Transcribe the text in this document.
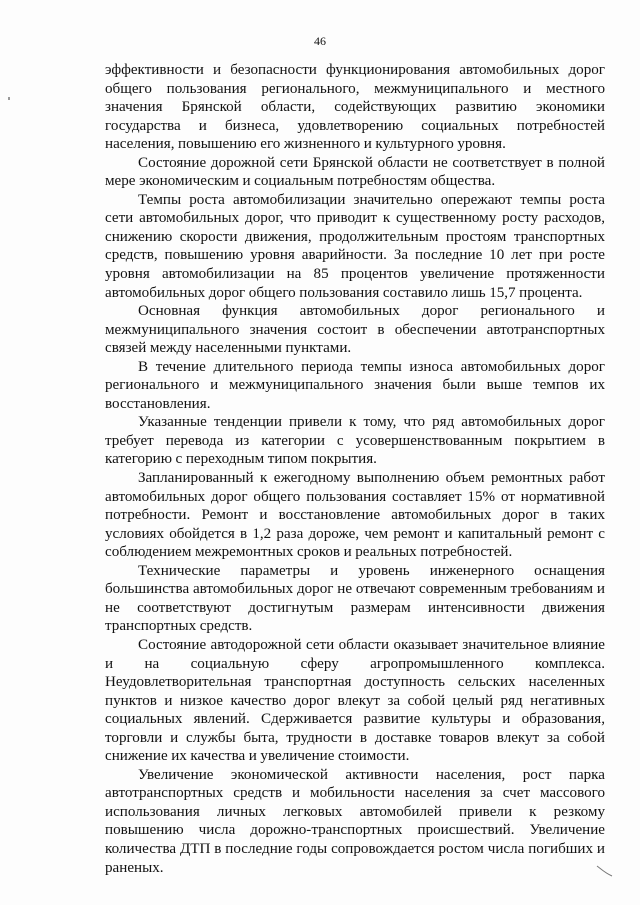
46

эффективности и безопасности функционирования автомобильных дорог общего пользования регионального, межмуниципального и местного значения Брянской области, содействующих развитию экономики государства и бизнеса, удовлетворению социальных потребностей населения, повышению его жизненного и культурного уровня.

Состояние дорожной сети Брянской области не соответствует в полной мере экономическим и социальным потребностям общества.

Темпы роста автомобилизации значительно опережают темпы роста сети автомобильных дорог, что приводит к существенному росту расходов, снижению скорости движения, продолжительным простоям транспортных средств, повышению уровня аварийности. За последние 10 лет при росте уровня автомобилизации на 85 процентов увеличение протяженности автомобильных дорог общего пользования составило лишь 15,7 процента.

Основная функция автомобильных дорог регионального и межмуниципального значения состоит в обеспечении автотранспортных связей между населенными пунктами.

В течение длительного периода темпы износа автомобильных дорог регионального и межмуниципального значения были выше темпов их восстановления.

Указанные тенденции привели к тому, что ряд автомобильных дорог требует перевода из категории с усовершенствованным покрытием в категорию с переходным типом покрытия.

Запланированный к ежегодному выполнению объем ремонтных работ автомобильных дорог общего пользования составляет 15% от нормативной потребности. Ремонт и восстановление автомобильных дорог в таких условиях обойдется в 1,2 раза дороже, чем ремонт и капитальный ремонт с соблюдением межремонтных сроков и реальных потребностей.

Технические параметры и уровень инженерного оснащения большинства автомобильных дорог не отвечают современным требованиям и не соответствуют достигнутым размерам интенсивности движения транспортных средств.

Состояние автодорожной сети области оказывает значительное влияние и на социальную сферу агропромышленного комплекса. Неудовлетворительная транспортная доступность сельских населенных пунктов и низкое качество дорог влекут за собой целый ряд негативных социальных явлений. Сдерживается развитие культуры и образования, торговли и службы быта, трудности в доставке товаров влекут за собой снижение их качества и увеличение стоимости.

Увеличение экономической активности населения, рост парка автотранспортных средств и мобильности населения за счет массового использования личных легковых автомобилей привели к резкому повышению числа дорожно-транспортных происшествий. Увеличение количества ДТП в последние годы сопровождается ростом числа погибших и раненых.
